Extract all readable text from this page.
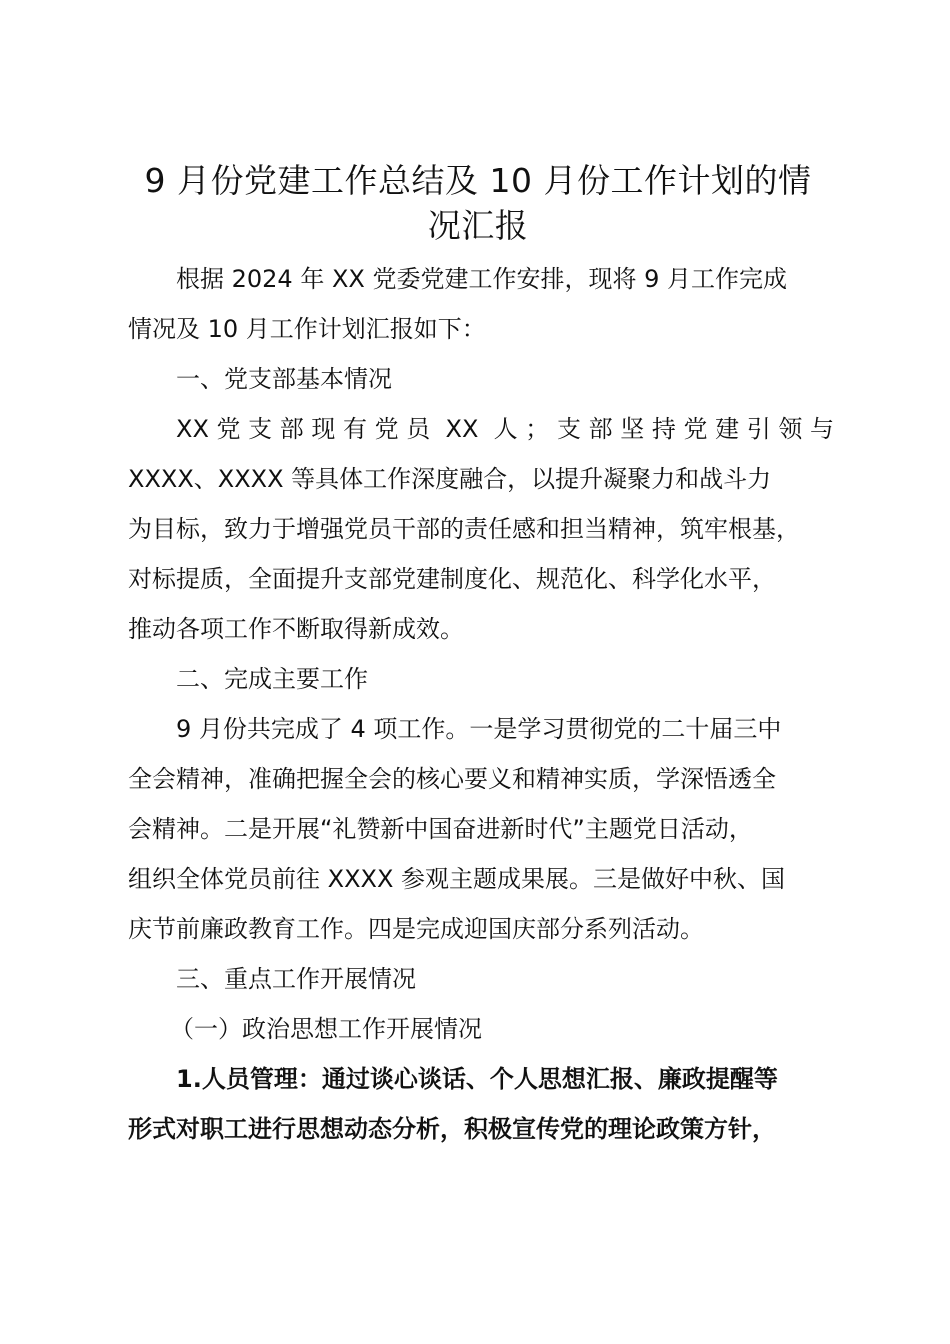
9 月份党建工作总结及 10 月份工作计划的情
况汇报

根据 2024 年 XX 党委党建工作安排，现将 9 月工作完成
情况及 10 月工作计划汇报如下：

一、党支部基本情况

XX 党 支 部 现 有 党 员  XX  人 ； 支 部 坚 持 党 建 引 领 与
XXXX、XXXX 等具体工作深度融合，以提升凝聚力和战斗力
为目标，致力于增强党员干部的责任感和担当精神，筑牢根基，
对标提质，全面提升支部党建制度化、规范化、科学化水平，
推动各项工作不断取得新成效。

二、完成主要工作

9 月份共完成了 4 项工作。一是学习贯彻党的二十届三中
全会精神，准确把握全会的核心要义和精神实质，学深悟透全
会精神。二是开展“礼赞新中国奋进新时代”主题党日活动，
组织全体党员前往 XXXX 参观主题成果展。三是做好中秋、国
庆节前廉政教育工作。四是完成迎国庆部分系列活动。

三、重点工作开展情况

（一）政治思想工作开展情况

1.人员管理：通过谈心谈话、个人思想汇报、廉政提醒等
形式对职工进行思想动态分析，积极宣传党的理论政策方针，
